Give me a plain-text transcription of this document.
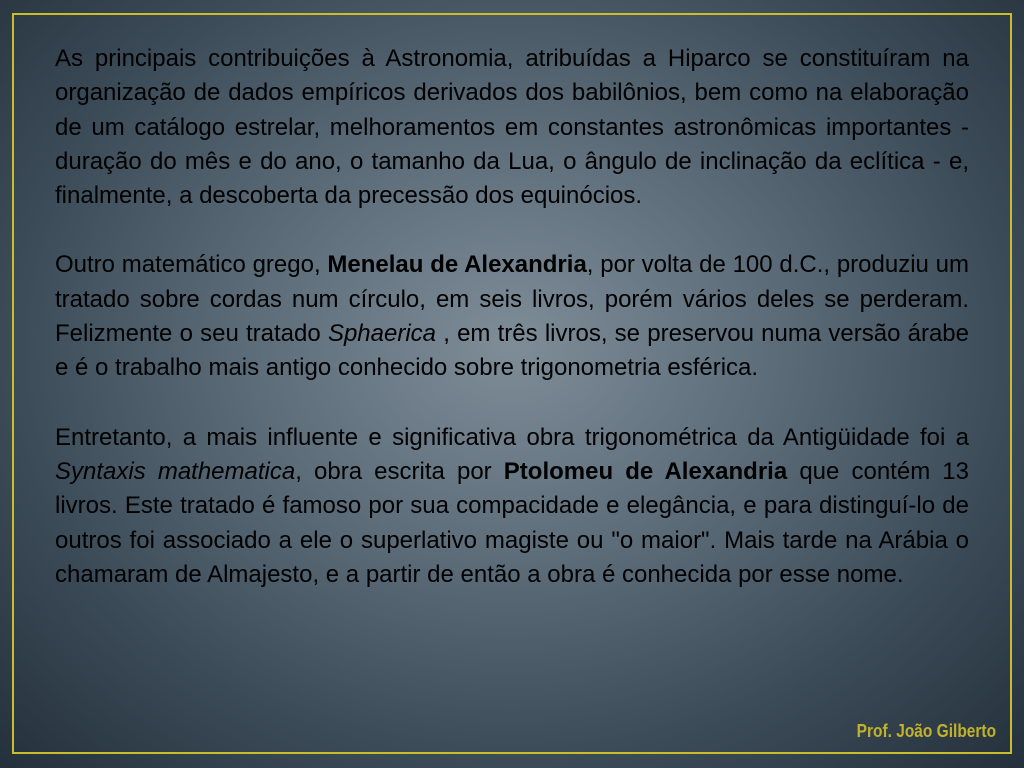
As principais contribuições à Astronomia, atribuídas a Hiparco se constituíram na organização de dados empíricos derivados dos babilônios, bem como na elaboração de um catálogo estrelar, melhoramentos em constantes astronômicas importantes - duração do mês e do ano, o tamanho da Lua, o ângulo de inclinação da eclítica - e, finalmente, a descoberta da precessão dos equinócios.

Outro matemático grego, Menelau de Alexandria, por volta de 100 d.C., produziu um tratado sobre cordas num círculo, em seis livros, porém vários deles se perderam. Felizmente o seu tratado Sphaerica , em três livros, se preservou numa versão árabe e é o trabalho mais antigo conhecido sobre trigonometria esférica.

Entretanto, a mais influente e significativa obra trigonométrica da Antigüidade foi a Syntaxis mathematica, obra escrita por Ptolomeu de Alexandria que contém 13 livros. Este tratado é famoso por sua compacidade e elegância, e para distinguí-lo de outros foi associado a ele o superlativo magiste ou "o maior". Mais tarde na Arábia o chamaram de Almajesto, e a partir de então a obra é conhecida por esse nome.

Prof. João Gilberto
